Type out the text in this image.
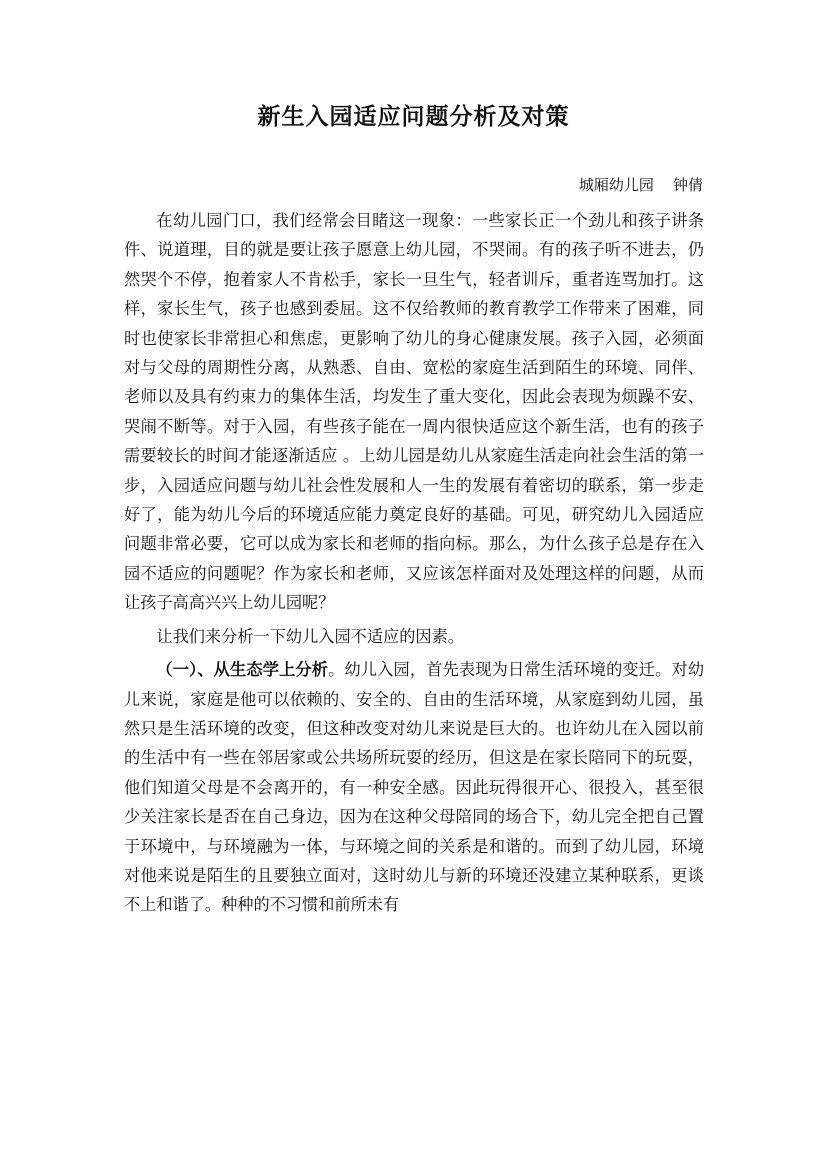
新生入园适应问题分析及对策
城厢幼儿园    钟倩

在幼儿园门口，我们经常会目睹这一现象：一些家长正一个劲儿和孩子讲条件、说道理，目的就是要让孩子愿意上幼儿园，不哭闹。有的孩子听不进去，仍然哭个不停，抱着家人不肯松手，家长一旦生气，轻者训斥，重者连骂加打。这样，家长生气，孩子也感到委屈。这不仅给教师的教育教学工作带来了困难，同时也使家长非常担心和焦虑，更影响了幼儿的身心健康发展。孩子入园，必须面对与父母的周期性分离，从熟悉、自由、宽松的家庭生活到陌生的环境、同伴、老师以及具有约束力的集体生活，均发生了重大变化，因此会表现为烦躁不安、哭闹不断等。对于入园，有些孩子能在一周内很快适应这个新生活，也有的孩子需要较长的时间才能逐渐适应 。上幼儿园是幼儿从家庭生活走向社会生活的第一步，入园适应问题与幼儿社会性发展和人一生的发展有着密切的联系，第一步走好了，能为幼儿今后的环境适应能力奠定良好的基础。可见，研究幼儿入园适应问题非常必要，它可以成为家长和老师的指向标。那么，为什么孩子总是存在入园不适应的问题呢？作为家长和老师，又应该怎样面对及处理这样的问题，从而让孩子高高兴兴上幼儿园呢？

让我们来分析一下幼儿入园不适应的因素。

（一）、从生态学上分析。幼儿入园，首先表现为日常生活环境的变迁。对幼儿来说，家庭是他可以依赖的、安全的、自由的生活环境，从家庭到幼儿园，虽然只是生活环境的改变，但这种改变对幼儿来说是巨大的。也许幼儿在入园以前的生活中有一些在邻居家或公共场所玩耍的经历，但这是在家长陪同下的玩耍，他们知道父母是不会离开的，有一种安全感。因此玩得很开心、很投入，甚至很少关注家长是否在自己身边，因为在这种父母陪同的场合下，幼儿完全把自己置于环境中，与环境融为一体，与环境之间的关系是和谐的。而到了幼儿园，环境对他来说是陌生的且要独立面对，这时幼儿与新的环境还没建立某种联系，更谈不上和谐了。种种的不习惯和前所未有
